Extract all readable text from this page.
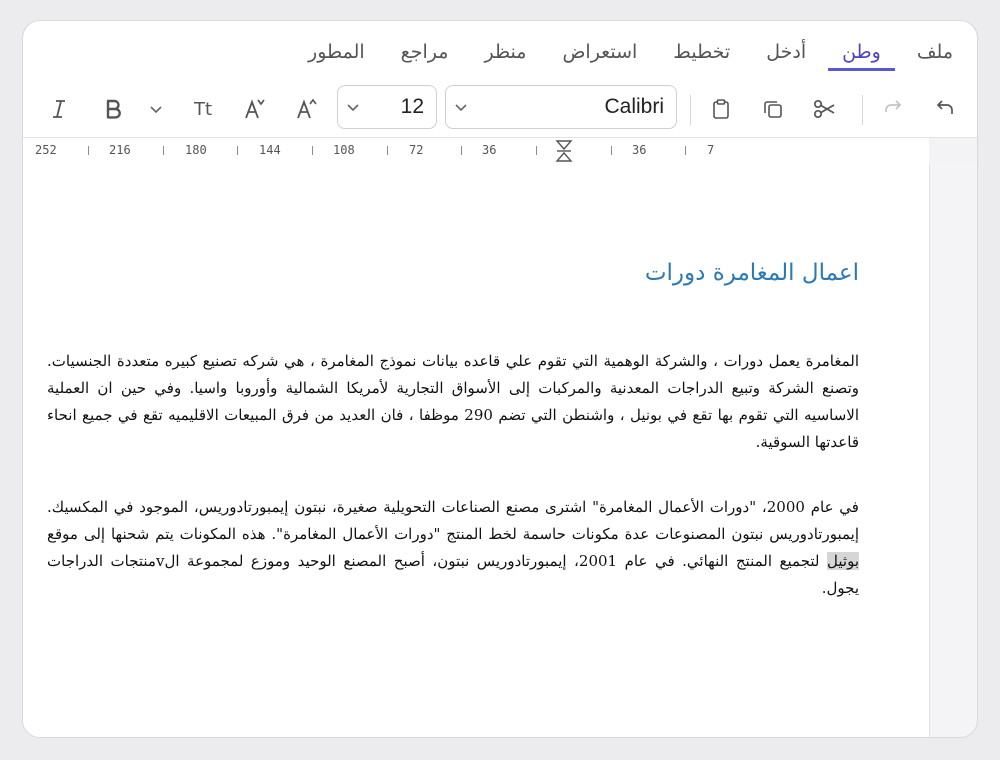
ملف
وطن
أدخل
تخطيط
استعراض
منظر
مراجع
المطور
Tt	12	Calibri
252	216	180	144	108	72	36	36	7
اعمال المغامرة دورات

المغامرة يعمل دورات ، والشركة الوهمية التي تقوم علي قاعده بيانات نموذج المغامرة ، هي شركه تصنيع كبيره متعددة الجنسيات. وتصنع الشركة وتبيع الدراجات المعدنية والمركبات إلى الأسواق التجارية لأمريكا الشمالية وأوروبا واسيا. وفي حين ان العملية الاساسيه التي تقوم بها تقع في بونيل ، واشنطن التي تضم 290 موظفا ، فان العديد من فرق المبيعات الاقليميه تقع في جميع انحاء قاعدتها السوقية.

في عام 2000، "دورات الأعمال المغامرة" اشترى مصنع الصناعات التحويلية صغيرة، نبتون إيمبورتادوريس، الموجود في المكسيك. إيمبورتادوريس نبتون المصنوعات عدة مكونات حاسمة لخط المنتج "دورات الأعمال المغامرة". هذه المكونات يتم شحنها إلى موقع بوثيل لتجميع المنتج النهائي. في عام 2001، إيمبورتادوريس نبتون، أصبح المصنع الوحيد وموزع لمجموعة الvمنتجات الدراجات يجول.
